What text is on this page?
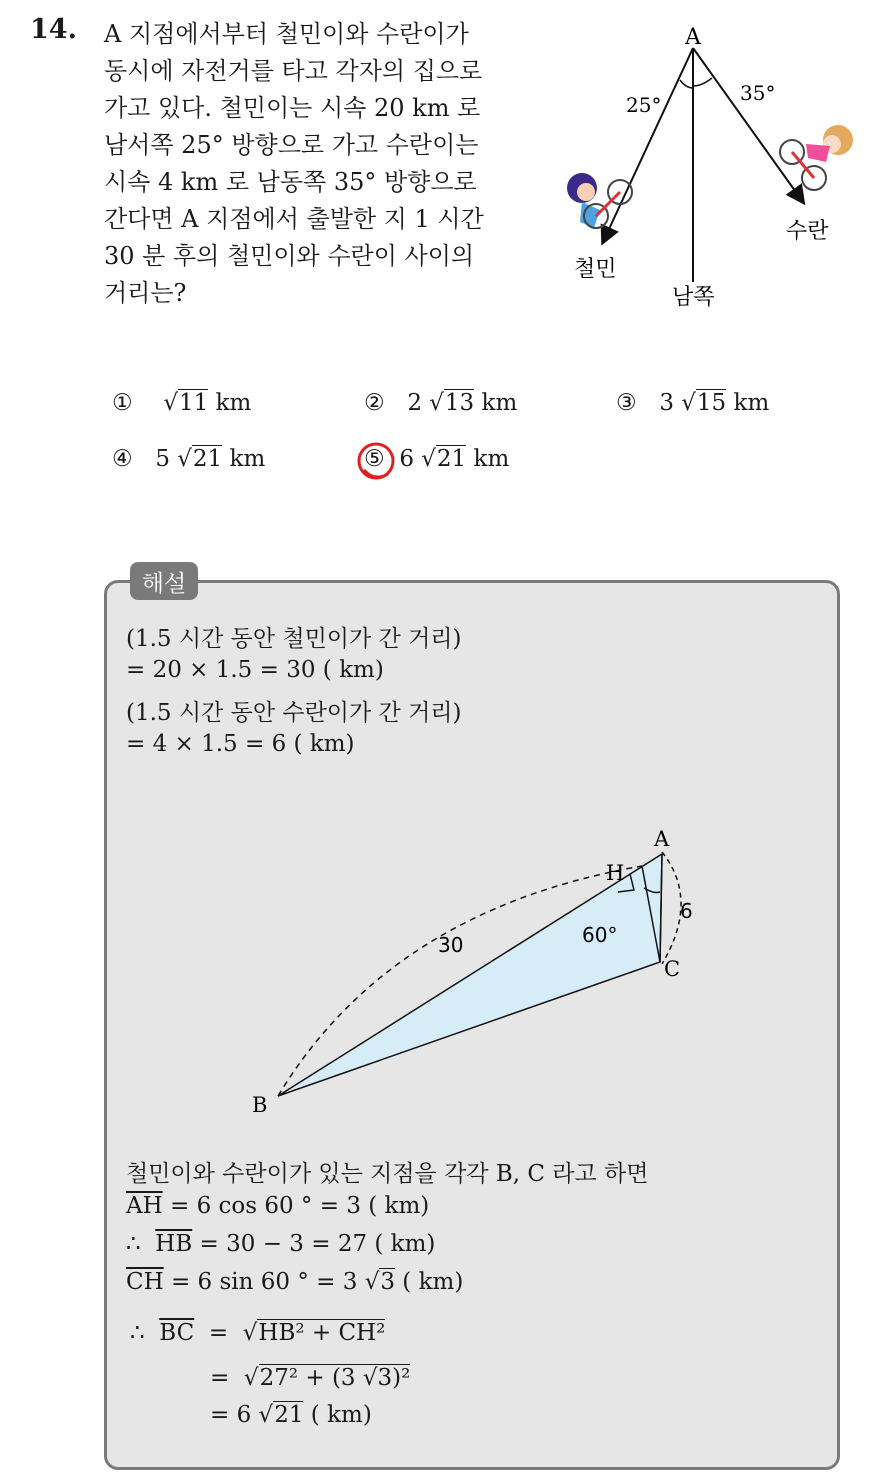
14. A 지점에서부터 철민이와 수란이가
동시에 자전거를 타고 각자의 집으로
가고 있다. 철민이는 시속 20 km 로
남서쪽 25° 방향으로 가고 수란이는
시속 4 km 로 남동쪽 35° 방향으로
간다면 A 지점에서 출발한 지 1 시간
30 분 후의 철민이와 수란이 사이의
거리는?
A
25°	35°
철민
수란
남쪽
① √11 km	② 2 √13 km	③ 3 √15 km
④ 5 √21 km	⑤ 6 √21 km
해설
(1.5 시간 동안 철민이가 간 거리)
= 20 × 1.5 = 30 ( km)
(1.5 시간 동안 수란이가 간 거리)
= 4 × 1.5 = 6 ( km)
A
H
B
C
30
6
60°
철민이와 수란이가 있는 지점을 각각 B, C 라고 하면
$\overline{AH} = 6$ cos 60 ° = 3 ( km)
∴ $\overline{HB} = 30 - 3 = 27$ ( km)
$\overline{CH} = 6$ sin 60 ° = 3 √3 ( km)
∴ $\overline{BC} = √HB^2 + CH^2$
=  √27² + (3 √3)²
= 6 √21 ( km)
